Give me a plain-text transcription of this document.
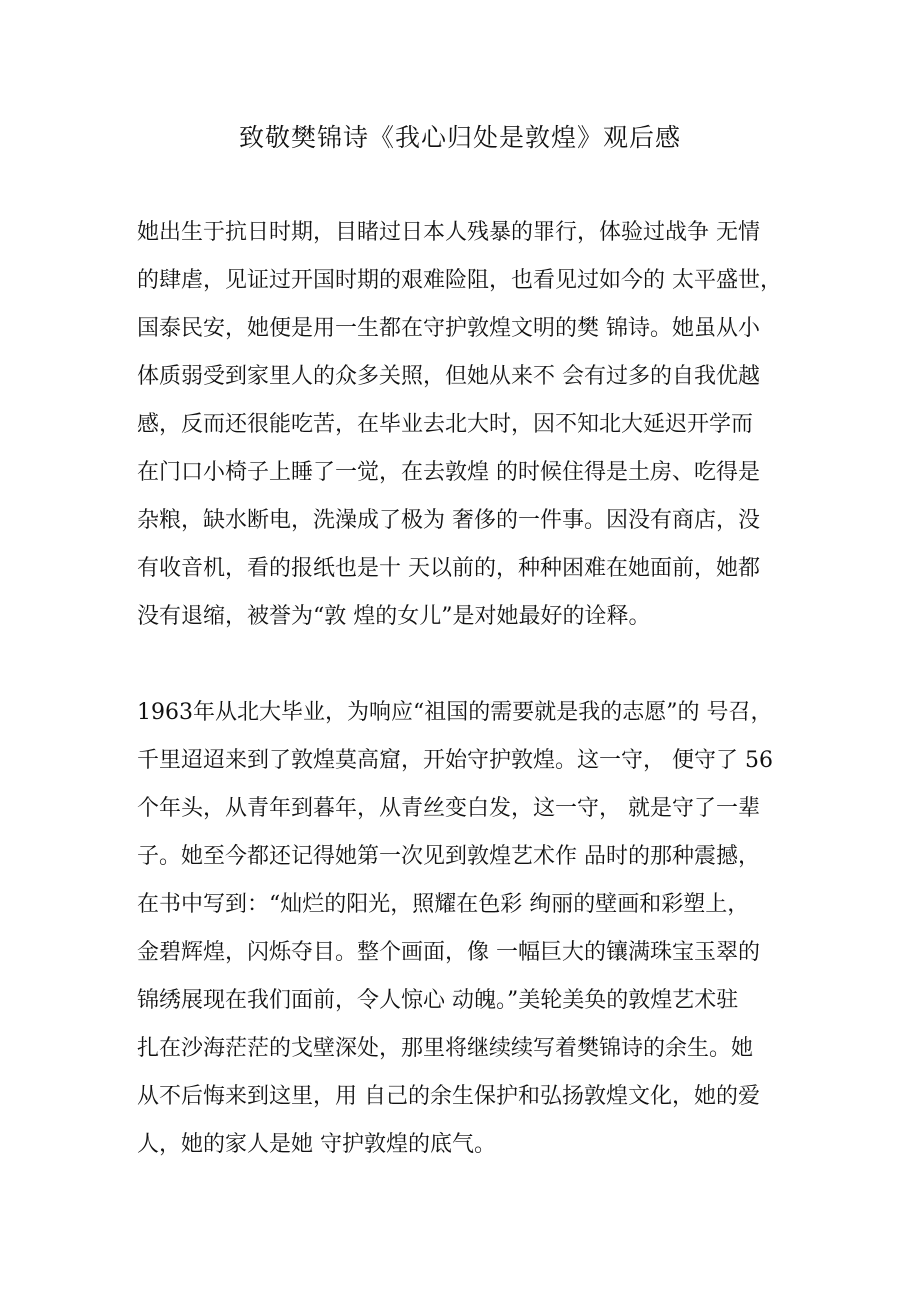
致敬樊锦诗《我心归处是敦煌》观后感
她出生于抗日时期，目睹过日本人残暴的罪行，体验过战争 无情
的肆虐，见证过开国时期的艰难险阻，也看见过如今的 太平盛世，
国泰民安，她便是用一生都在守护敦煌文明的樊 锦诗。她虽从小
体质弱受到家里人的众多关照，但她从来不 会有过多的自我优越
感，反而还很能吃苦，在毕业去北大时，因不知北大延迟开学而
在门口小椅子上睡了一觉，在去敦煌 的时候住得是土房、吃得是
杂粮，缺水断电，洗澡成了极为 奢侈的一件事。因没有商店，没
有收音机，看的报纸也是十 天以前的，种种困难在她面前，她都
没有退缩，被誉为“敦 煌的女儿”是对她最好的诠释。
1963年从北大毕业，为响应“祖国的需要就是我的志愿”的 号召，
千里迢迢来到了敦煌莫高窟，开始守护敦煌。这一守， 便守了 56
个年头，从青年到暮年，从青丝变白发，这一守， 就是守了一辈
子。她至今都还记得她第一次见到敦煌艺术作 品时的那种震撼，
在书中写到：“灿烂的阳光，照耀在色彩 绚丽的壁画和彩塑上，
金碧辉煌，闪烁夺目。整个画面，像 一幅巨大的镶满珠宝玉翠的
锦绣展现在我们面前，令人惊心 动魄。”美轮美奂的敦煌艺术驻
扎在沙海茫茫的戈壁深处，那里将继续续写着樊锦诗的余生。她
从不后悔来到这里，用 自己的余生保护和弘扬敦煌文化，她的爱
人，她的家人是她 守护敦煌的底气。
